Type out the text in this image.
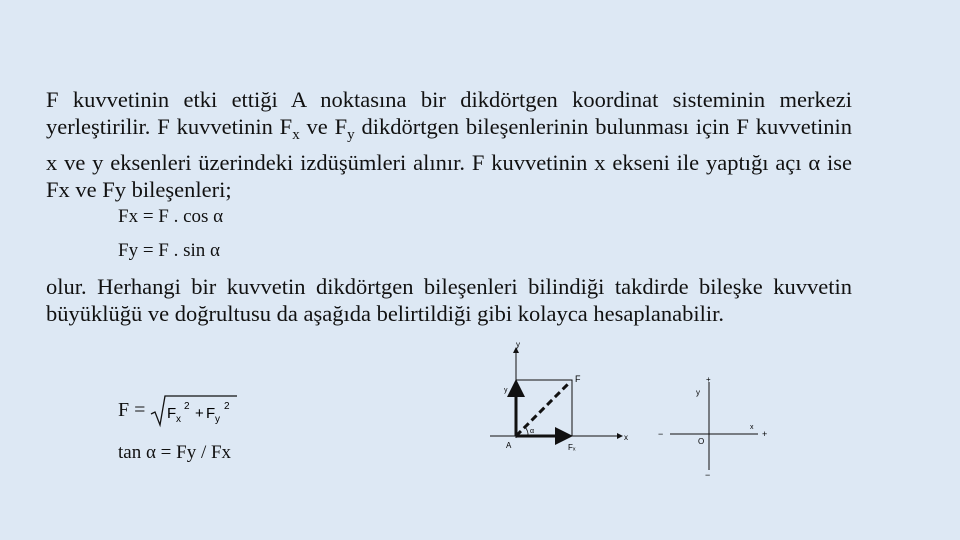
F kuvvetinin etki ettiği A noktasına bir dikdörtgen koordinat sisteminin merkezi yerleştirilir. F kuvvetinin $F_x$ ve $F_y$ dikdörtgen bileşenlerinin bulunması için F kuvvetinin x ve y eksenleri üzerindeki izdüşümleri alınır. F kuvvetinin x ekseni ile yaptığı açı α ise Fx ve Fy bileşenleri;

Fx = F . cos α
Fy = F . sin α

olur. Herhangi bir kuvvetin dikdörtgen bileşenleri bilindiği takdirde bileşke kuvvetin büyüklüğü ve doğrultusu da aşağıda belirtildiği gibi kolayca hesaplanabilir.

F = F x
2 + F y
2
tan α = Fy / Fx
y
x
A
F
y
Fₓ
α
+
y
x
+
−
−
O
